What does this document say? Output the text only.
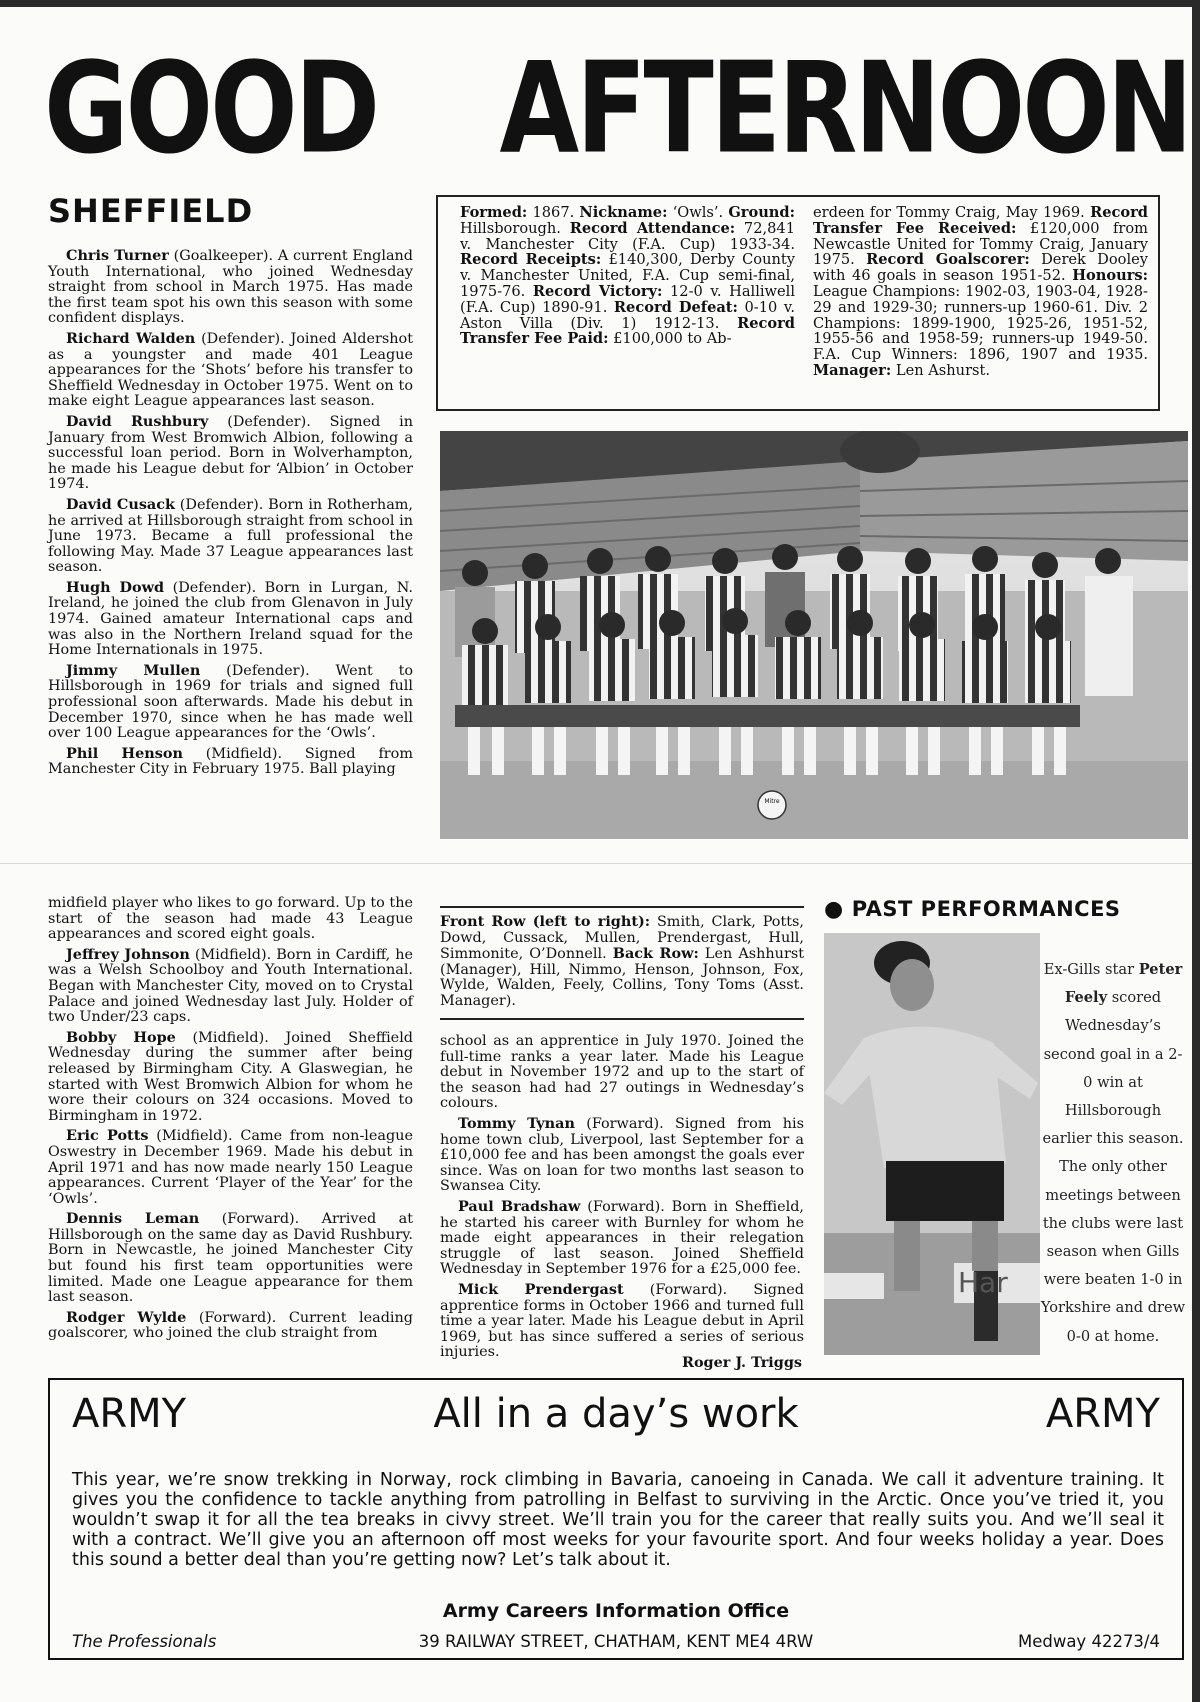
GOOD AFTERNOON
SHEFFIELD

Chris Turner (Goalkeeper). A current England Youth International, who joined Wednesday straight from school in March 1975. Has made the first team spot his own this season with some confident displays.

Richard Walden (Defender). Joined Aldershot as a youngster and made 401 League appearances for the ‘Shots’ before his transfer to Sheffield Wednesday in October 1975. Went on to make eight League appearances last season.

David Rushbury (Defender). Signed in January from West Bromwich Albion, following a successful loan period. Born in Wolverhampton, he made his League debut for ‘Albion’ in October 1974.

David Cusack (Defender). Born in Rotherham, he arrived at Hillsborough straight from school in June 1973. Became a full professional the following May. Made 37 League appearances last season.

Hugh Dowd (Defender). Born in Lurgan, N. Ireland, he joined the club from Glenavon in July 1974. Gained amateur International caps and was also in the Northern Ireland squad for the Home Internationals in 1975.

Jimmy Mullen (Defender). Went to Hillsborough in 1969 for trials and signed full professional soon afterwards. Made his debut in December 1970, since when he has made well over 100 League appearances for the ‘Owls’.

Phil Henson (Midfield). Signed from Manchester City in February 1975. Ball playing

midfield player who likes to go forward. Up to the start of the season had made 43 League appearances and scored eight goals.

Jeffrey Johnson (Midfield). Born in Cardiff, he was a Welsh Schoolboy and Youth International. Began with Manchester City, moved on to Crystal Palace and joined Wednesday last July. Holder of two Under/23 caps.

Bobby Hope (Midfield). Joined Sheffield Wednesday during the summer after being released by Birmingham City. A Glaswegian, he started with West Bromwich Albion for whom he wore their colours on 324 occasions. Moved to Birmingham in 1972.

Eric Potts (Midfield). Came from non-league Oswestry in December 1969. Made his debut in April 1971 and has now made nearly 150 League appearances. Current ‘Player of the Year’ for the ‘Owls’.

Dennis Leman (Forward). Arrived at Hillsborough on the same day as David Rushbury. Born in Newcastle, he joined Manchester City but found his first team opportunities were limited. Made one League appearance for them last season.

Rodger Wylde (Forward). Current leading goalscorer, who joined the club straight from

school as an apprentice in July 1970. Joined the full-time ranks a year later. Made his League debut in November 1972 and up to the start of the season had had 27 outings in Wednesday’s colours.

Tommy Tynan (Forward). Signed from his home town club, Liverpool, last September for a £10,000 fee and has been amongst the goals ever since. Was on loan for two months last season to Swansea City.

Paul Bradshaw (Forward). Born in Sheffield, he started his career with Burnley for whom he made eight appearances in their relegation struggle of last season. Joined Sheffield Wednesday in September 1976 for a £25,000 fee.

Mick Prendergast (Forward). Signed apprentice forms in October 1966 and turned full time a year later. Made his League debut in April 1969, but has since suffered a series of serious injuries.

Roger J. Triggs
Formed: 1867. Nickname: ‘Owls’. Ground: Hillsborough. Record Attendance: 72,841 v. Manchester City (F.A. Cup) 1933-34. Record Receipts: £140,300, Derby County v. Manchester United, F.A. Cup semi-final, 1975-76. Record Victory: 12-0 v. Halliwell (F.A. Cup) 1890-91. Record Defeat: 0-10 v. Aston Villa (Div. 1) 1912-13. Record Transfer Fee Paid: £100,000 to Ab-
erdeen for Tommy Craig, May 1969. Record Transfer Fee Received: £120,000 from Newcastle United for Tommy Craig, January 1975. Record Goalscorer: Derek Dooley with 46 goals in season 1951-52. Honours: League Champions: 1902-03, 1903-04, 1928-29 and 1929-30; runners-up 1960-61. Div. 2 Champions: 1899-1900, 1925-26, 1951-52, 1955-56 and 1958-59; runners-up 1949-50. F.A. Cup Winners: 1896, 1907 and 1935. Manager: Len Ashurst.
Mitre
Front Row (left to right): Smith, Clark, Potts, Dowd, Cussack, Mullen, Prendergast, Hull, Simmonite, O’Donnell. Back Row: Len Ashhurst (Manager), Hill, Nimmo, Henson, Johnson, Fox, Wylde, Walden, Feely, Collins, Tony Toms (Asst. Manager).
● PAST PERFORMANCES
Har
Ex-Gills star Peter Feely scored Wednesday’s second goal in a 2-0 win at Hillsborough earlier this season.
The only other meetings between the clubs were last season when Gills were beaten 1-0 in Yorkshire and drew 0-0 at home.
ARMY	All in a day’s work	ARMY
This year, we’re snow trekking in Norway, rock climbing in Bavaria, canoeing in Canada. We call it adventure training. It gives you the confidence to tackle anything from patrolling in Belfast to surviving in the Arctic. Once you’ve tried it, you wouldn’t swap it for all the tea breaks in civvy street. We’ll train you for the career that really suits you. And we’ll seal it with a contract. We’ll give you an afternoon off most weeks for your favourite sport. And four weeks holiday a year. Does this sound a better deal than you’re getting now? Let’s talk about it.
Army Careers Information Office
The Professionals	39 RAILWAY STREET, CHATHAM, KENT ME4 4RW	Medway 42273/4
